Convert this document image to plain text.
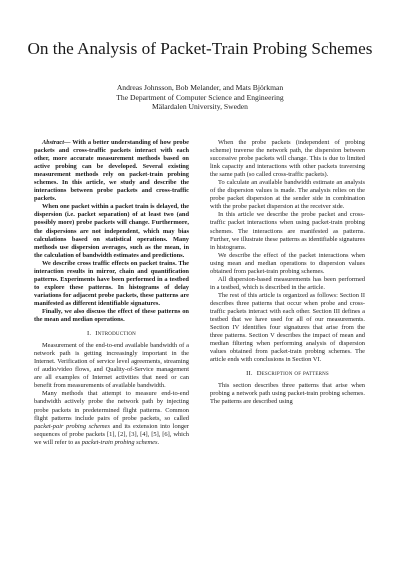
On the Analysis of Packet-Train Probing Schemes
Andreas Johnsson, Bob Melander, and Mats Björkman
The Department of Computer Science and Engineering
Mälardalen University, Sweden

Abstract— With a better understanding of how probe packets and cross-traffic packets interact with each other, more accurate measurement methods based on active probing can be developed. Several existing measurement methods rely on packet-train probing schemes. In this article, we study and describe the interactions between probe packets and cross-traffic packets.

When one packet within a packet train is delayed, the dispersion (i.e. packet separation) of at least two (and possibly more) probe packets will change. Furthermore, the dispersions are not independent, which may bias calculations based on statistical operations. Many methods use dispersion averages, such as the mean, in the calculation of bandwidth estimates and predictions.

We describe cross traffic effects on packet trains. The interaction results in mirror, chain and quantification patterns. Experiments have been performed in a testbed to explore these patterns. In histograms of delay variations for adjacent probe packets, these patterns are manifested as different identifiable signatures.

Finally, we also discuss the effect of these patterns on the mean and median operations.

I. Introduction

Measurement of the end-to-end available bandwidth of a network path is getting increasingly important in the Internet. Verification of service level agreements, streaming of audio/video flows, and Quality-of-Service management are all examples of Internet activities that need or can benefit from measurements of available bandwidth.

Many methods that attempt to measure end-to-end bandwidth actively probe the network path by injecting probe packets in predetermined flight patterns. Common flight patterns include pairs of probe packets, so called packet-pair probing schemes and its extension into longer sequences of probe packets [1], [2], [3], [4], [5], [6], which we will refer to as packet-train probing schemes.

When the probe packets (independent of probing scheme) traverse the network path, the dispersion between successive probe packets will change. This is due to limited link capacity and interactions with other packets traversing the same path (so called cross-traffic packets).

To calculate an available bandwidth estimate an analysis of the dispersion values is made. The analysis relies on the probe packet dispersion at the sender side in combination with the probe packet dispersion at the receiver side.

In this article we describe the probe packet and cross-traffic packet interactions when using packet-train probing schemes. The interactions are manifested as patterns. Further, we illustrate these patterns as identifiable signatures in histograms.

We describe the effect of the packet interactions when using mean and median operations to dispersion values obtained from packet-train probing schemes.

All dispersion-based measurements has been performed in a testbed, which is described in the article.

The rest of this article is organized as follows: Section II describes three patterns that occur when probe and cross-traffic packets interact with each other. Section III defines a testbed that we have used for all of our measurements. Section IV identifies four signatures that arise from the three patterns. Section V describes the impact of mean and median filtering when performing analysis of dispersion values obtained from packet-train probing schemes. The article ends with conclusions in Section VI.

II. Description of patterns

This section describes three patterns that arise when probing a network path using packet-train probing schemes. The patterns are described using
